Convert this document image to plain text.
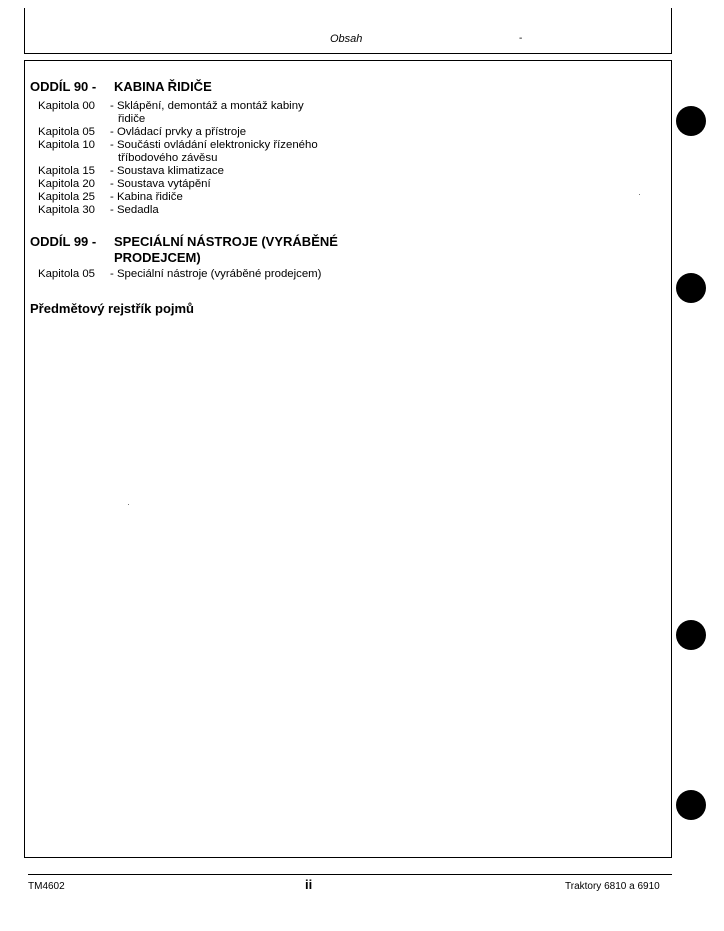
Obsah	-
ODDÍL 90 - KABINA ŘIDIČE
Kapitola 00 - Sklápění, demontáž a montáž kabiny
řidiče
Kapitola 05 - Ovládací prvky a přístroje
Kapitola 10 - Součásti ovládání elektronicky řízeného
tříbodového závěsu
Kapitola 15 - Soustava klimatizace
Kapitola 20 - Soustava vytápění
Kapitola 25 - Kabina řidiče
Kapitola 30 - Sedadla
ODDÍL 99 - SPECIÁLNÍ NÁSTROJE (VYRÁBĚNÉ
PRODEJCEM)
Kapitola 05 - Speciální nástroje (vyráběné prodejcem)
Předmětový rejstřík pojmů
TM4602	ii	Traktory 6810 a 6910
